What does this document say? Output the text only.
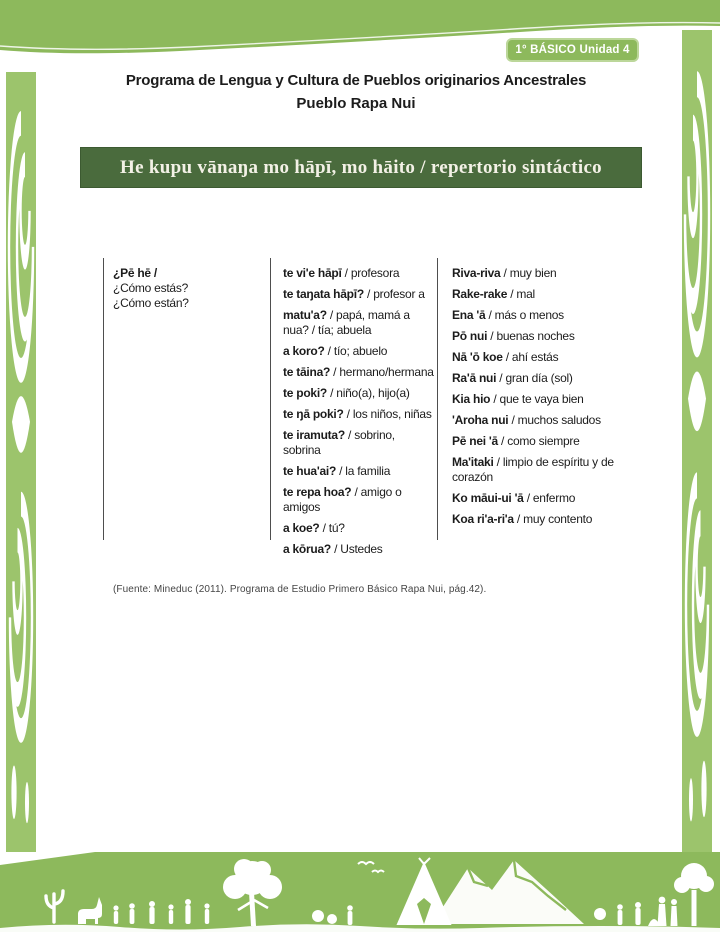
1° BÁSICO Unidad 4
Programa de Lengua y Cultura de Pueblos originarios Ancestrales
Pueblo Rapa Nui
He kupu vānaŋa mo hāpī, mo hāito / repertorio sintáctico
¿Pē hē /
¿Cómo estás?
¿Cómo están?
te vi'e hāpī / profesora
te taŋata hāpī? / profesor a
matu'a? / papá, mamá a nua? / tía; abuela
a koro? / tío; abuelo
te tāina? / hermano/hermana
te poki? / niño(a), hijo(a)
te ŋā poki? / los niños, niñas
te iramuta? / sobrino, sobrina
te hua'ai? / la familia
te repa hoa? / amigo o amigos
a koe? / tú?
a kōrua? / Ustedes
Riva-riva / muy bien
Rake-rake / mal
Ena 'ā / más o menos
Pō nui / buenas noches
Nā 'ō koe / ahí estás
Ra'ā nui / gran día (sol)
Kia hio / que te vaya bien
'Aroha nui / muchos saludos
Pē nei 'ā / como siempre
Ma'itaki / limpio de espíritu y de corazón
Ko māui-ui 'ā / enfermo
Koa ri'a-ri'a / muy contento
(Fuente: Mineduc (2011). Programa de Estudio Primero Básico Rapa Nui, pág.42).
